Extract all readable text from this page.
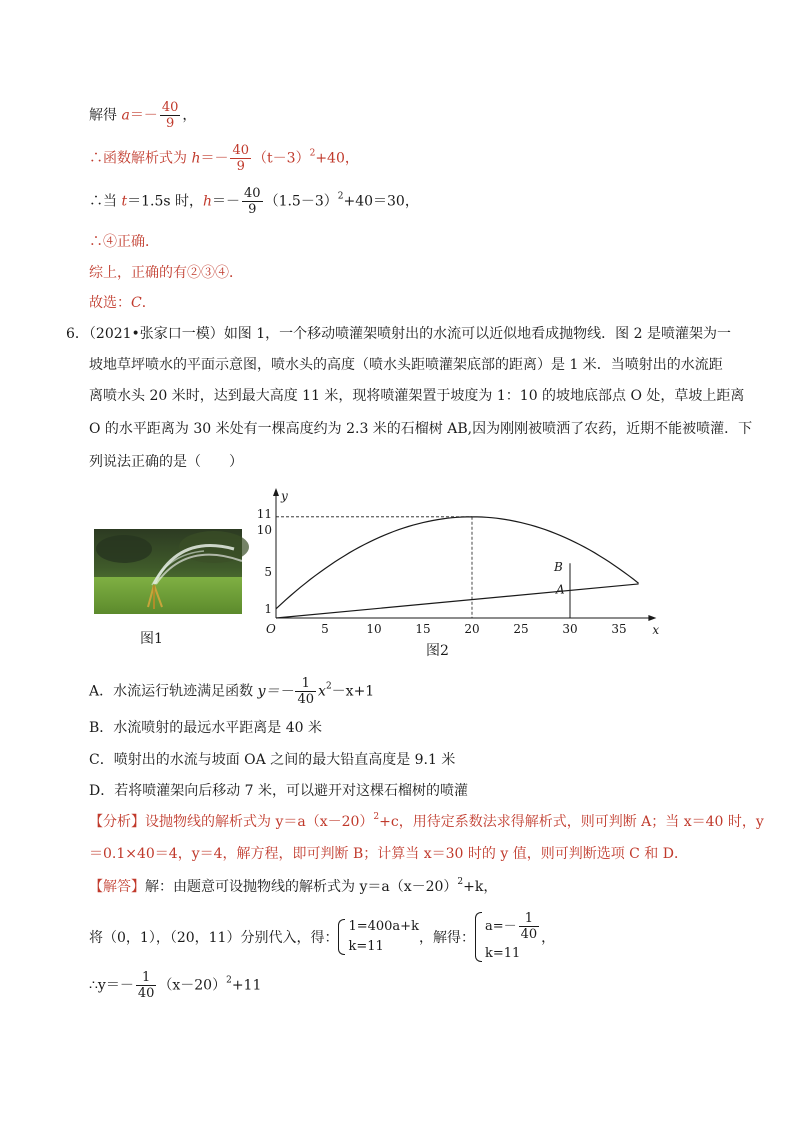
解得 $a=- \frac{40}{9}$ ，
∴函数解析式为 $h=- \frac{40}{9} (t-3)^2+40$，
∴当 t＝1.5s 时，$h=- \frac{40}{9} (1.5-3)^2+40=30$，
∴④正确．
综上，正确的有②③④．
故选：C．
6．（2021•张家口一模）如图 1，一个移动喷灌架喷射出的水流可以近似地看成抛物线．图 2 是喷灌架为一
坡地草坪喷水的平面示意图，喷水头的高度（喷水头距喷灌架底部的距离）是 1 米．当喷射出的水流距
离喷水头 20 米时，达到最大高度 11 米，现将喷灌架置于坡度为 1：10 的坡地底部点 O 处，草坡上距离
O 的水平距离为 30 米处有一棵高度约为 2.3 米的石榴树 AB,因为刚刚被喷洒了农药，近期不能被喷灌．下
列说法正确的是（　　）
图1
x
y
O	5	10	15	20	25	30	35
1
5
10
11
B
A
图2
A．水流运行轨迹满足函数 $y=- \frac{1}{40} x^2-x+1$
B．水流喷射的最远水平距离是 40 米
C．喷射出的水流与坡面 OA 之间的最大铅直高度是 9.1 米
D．若将喷灌架向后移动 7 米，可以避开对这棵石榴树的喷灌
【分析】设抛物线的解析式为 $y=a(x-20)^2+c$，用待定系数法求得解析式，则可判断 A；当 x＝40 时，y
＝0.1×40＝4，y＝4，解方程，即可判断 B；计算当 x＝30 时的 y 值，则可判断选项 C 和 D．
【解答】解：由题意可设抛物线的解析式为 $y=a(x-20)^2+k$，
将（0，1），（20，11）分别代入，得：
1=400a+k
k=11
，解得：
$a=- \frac{1}{40}$
k=11
，
∴y＝－ $\frac{1}{40} (x-20)^2+11$
